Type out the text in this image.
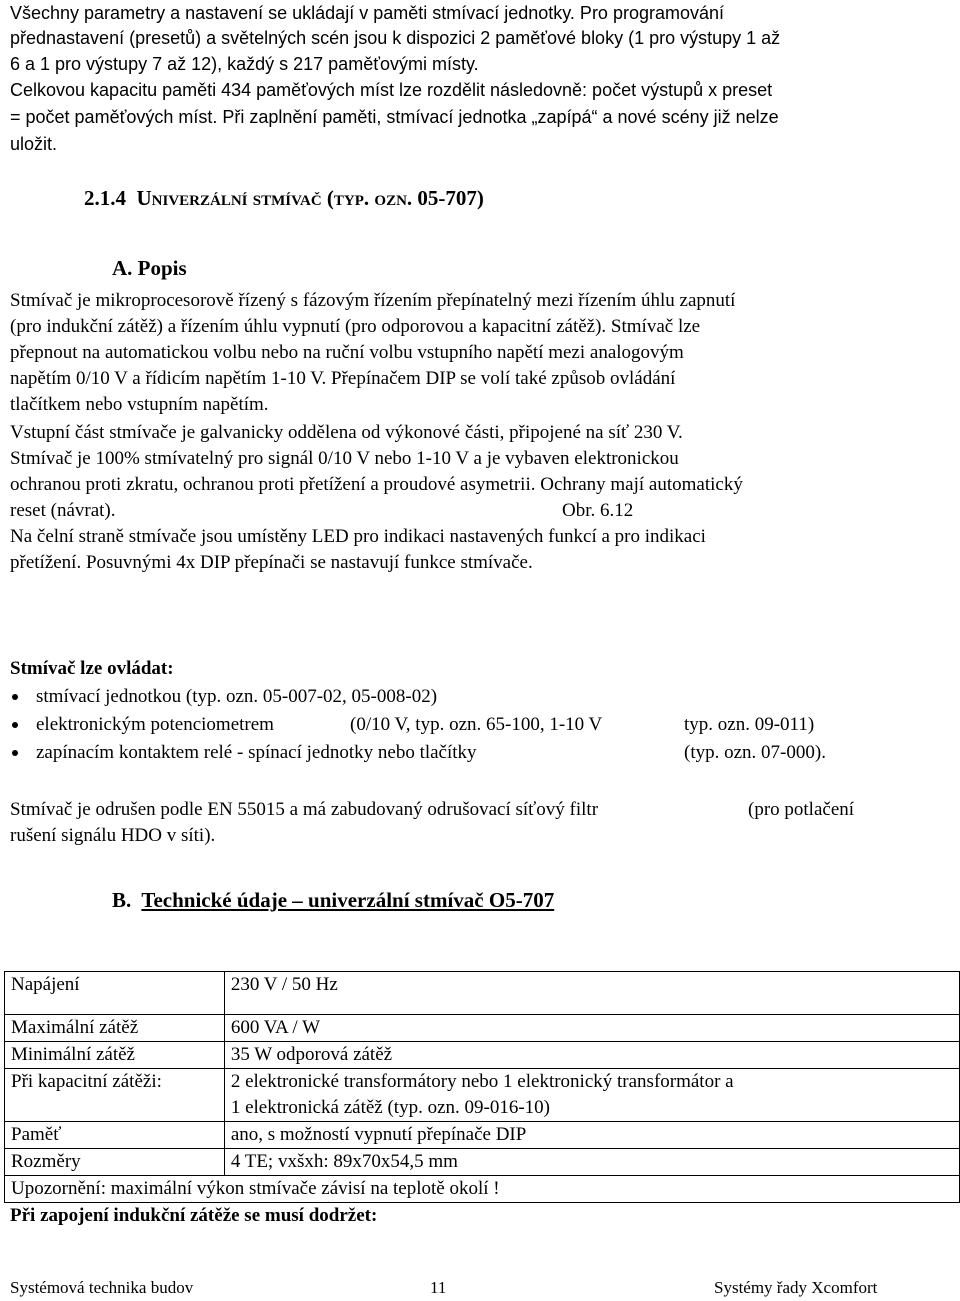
Všechny parametry a nastavení se ukládají v paměti stmívací jednotky. Pro programování
přednastavení (presetů) a světelných scén jsou k dispozici 2 paměťové bloky (1 pro výstupy 1 až
6 a 1 pro výstupy 7 až 12), každý s 217 paměťovými místy.
Celkovou kapacitu paměti 434 paměťových míst lze rozdělit následovně: počet výstupů x preset
= počet paměťových míst. Při zaplnění paměti, stmívací jednotka „zapípá“ a nové scény již nelze
uložit.
2.1.4 Univerzální stmívač (typ. ozn. 05-707)
A. Popis
Stmívač je mikroprocesorově řízený s fázovým řízením přepínatelný mezi řízením úhlu zapnutí
(pro indukční zátěž) a řízením úhlu vypnutí (pro odporovou a kapacitní zátěž). Stmívač lze
přepnout na automatickou volbu nebo na ruční volbu vstupního napětí mezi analogovým
napětím 0/10 V a řídicím napětím 1-10 V. Přepínačem DIP se volí také způsob ovládání
tlačítkem nebo vstupním napětím.
Vstupní část stmívače je galvanicky oddělena od výkonové části, připojené na síť 230 V.
Stmívač je 100% stmívatelný pro signál 0/10 V nebo 1-10 V a je vybaven elektronickou
ochranou proti zkratu, ochranou proti přetížení a proudové asymetrii. Ochrany mají automatický
reset (návrat).	Obr. 6.12
Na čelní straně stmívače jsou umístěny LED pro indikaci nastavených funkcí a pro indikaci
přetížení. Posuvnými 4x DIP přepínači se nastavují funkce stmívače.
Stmívač lze ovládat:
stmívací jednotkou (typ. ozn. 05-007-02, 05-008-02)
elektronickým potenciometrem	(0/10 V, typ. ozn. 65-100, 1-10 V	typ. ozn. 09-011)
zapínacím kontaktem relé - spínací jednotky nebo tlačítky	(typ. ozn. 07-000).
Stmívač je odrušen podle EN 55015 a má zabudovaný odrušovací síťový filtr	(pro potlačení
rušení signálu HDO v síti).
B. Technické údaje – univerzální stmívač O5-707
Napájení	230 V / 50 Hz
Maximální zátěž	600 VA / W
Minimální zátěž	35 W odporová zátěž
Při kapacitní zátěži:	2 elektronické transformátory nebo 1 elektronický transformátor a
1 elektronická zátěž (typ. ozn. 09-016-10)

Paměť	ano, s možností vypnutí přepínače DIP
Rozměry	4 TE; vxšxh: 89x70x54,5 mm
Upozornění: maximální výkon stmívače závisí na teplotě okolí !	
Při zapojení indukční zátěže se musí dodržet:
Systémová technika budov	11	Systémy řady Xcomfort
